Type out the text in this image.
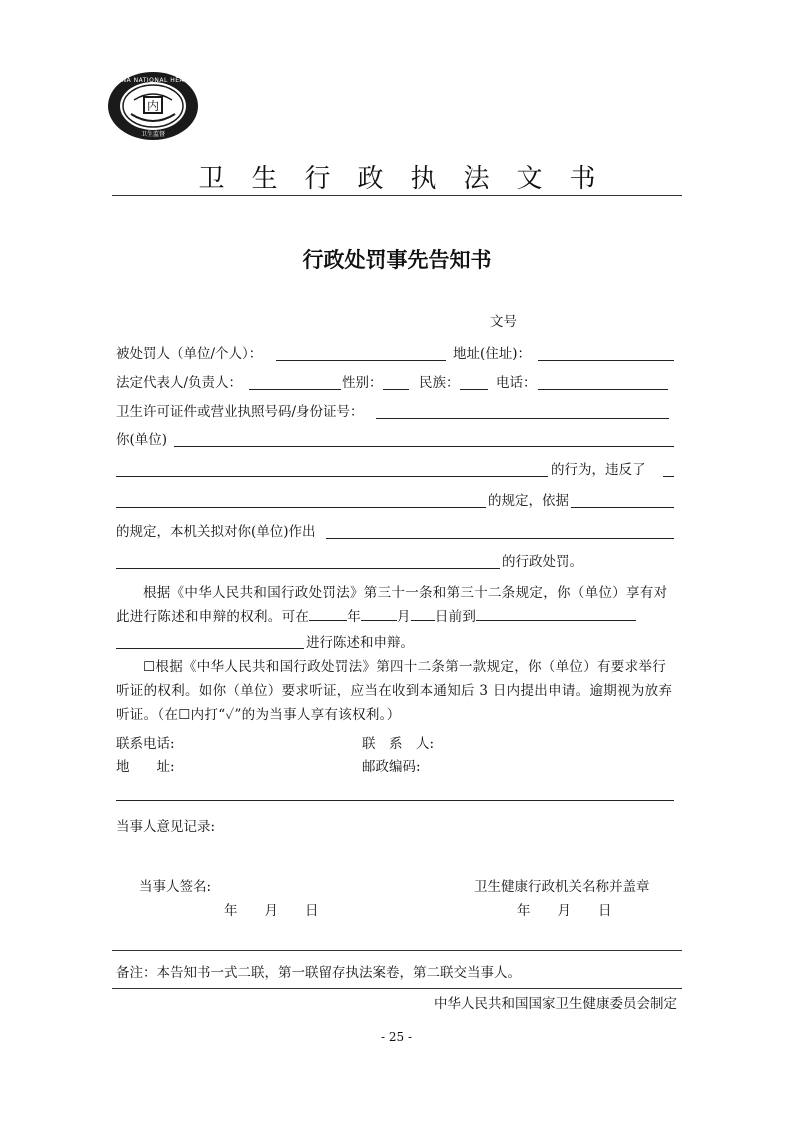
内
CHINA NATIONAL HEALTH
卫生监督
卫生行政执法文书
行政处罚事先告知书
文号
被处罚人（单位/个人）：	地址(住址)：
法定代表人/负责人：	性别：	民族：	电话：
卫生许可证件或营业执照号码/身份证号：
你(单位)
的行为，违反了
的规定，依据
的规定，本机关拟对你(单位)作出
的行政处罚。
根据《中华人民共和国行政处罚法》第三十一条和第三十二条规定，你（单位）享有对此进行陈述和申辩的权利。可在	年	月 日前到
进行陈述和申辩。
☐根据《中华人民共和国行政处罚法》第四十二条第一款规定，你（单位）有要求举行听证的权利。如你（单位）要求听证，应当在收到本通知后 3 日内提出申请。逾期视为放弃听证。（在☐内打“✓”的为当事人享有该权利。）
联系电话:	联　系　人:
地　　址:	邮政编码:
当事人意见记录:
当事人签名:	卫生健康行政机关名称并盖章
年　　月　　日	年　　月　　日
备注：本告知书一式二联，第一联留存执法案卷，第二联交当事人。
中华人民共和国国家卫生健康委员会制定
- 25 -
